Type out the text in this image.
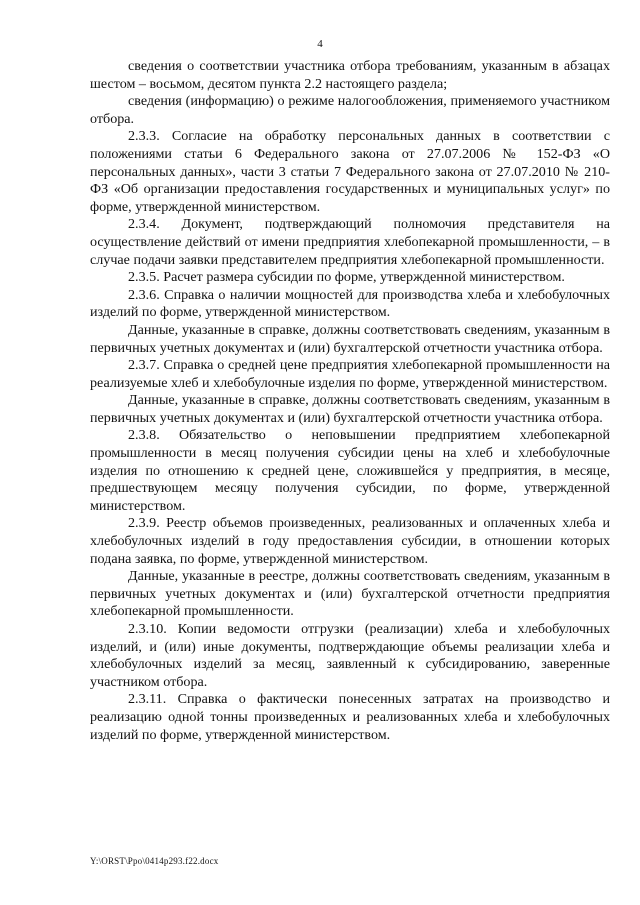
4

сведения о соответствии участника отбора требованиям, указанным в абзацах шестом – восьмом, десятом пункта 2.2 настоящего раздела;

сведения (информацию) о режиме налогообложения, применяемого участником отбора.

2.3.3. Согласие на обработку персональных данных в соответствии с положениями статьи 6 Федерального закона от 27.07.2006 № 152-ФЗ «О персональных данных», части 3 статьи 7 Федерального закона от 27.07.2010 № 210-ФЗ «Об организации предоставления государственных и муниципальных услуг» по форме, утвержденной министерством.

2.3.4. Документ, подтверждающий полномочия представителя на осуществление действий от имени предприятия хлебопекарной промышленности, – в случае подачи заявки представителем предприятия хлебопекарной промышленности.

2.3.5. Расчет размера субсидии по форме, утвержденной министерством.

2.3.6. Справка о наличии мощностей для производства хлеба и хлебобулочных изделий по форме, утвержденной министерством.

Данные, указанные в справке, должны соответствовать сведениям, указанным в первичных учетных документах и (или) бухгалтерской отчетности участника отбора.

2.3.7. Справка о средней цене предприятия хлебопекарной промышленности на реализуемые хлеб и хлебобулочные изделия по форме, утвержденной министерством.

Данные, указанные в справке, должны соответствовать сведениям, указанным в первичных учетных документах и (или) бухгалтерской отчетности участника отбора.

2.3.8. Обязательство о неповышении предприятием хлебопекарной промышленности в месяц получения субсидии цены на хлеб и хлебобулочные изделия по отношению к средней цене, сложившейся у предприятия, в месяце, предшествующем месяцу получения субсидии, по форме, утвержденной министерством.

2.3.9. Реестр объемов произведенных, реализованных и оплаченных хлеба и хлебобулочных изделий в году предоставления субсидии, в отношении которых подана заявка, по форме, утвержденной министерством.

Данные, указанные в реестре, должны соответствовать сведениям, указанным в первичных учетных документах и (или) бухгалтерской отчетности предприятия хлебопекарной промышленности.

2.3.10. Копии ведомости отгрузки (реализации) хлеба и хлебобулочных изделий, и (или) иные документы, подтверждающие объемы реализации хлеба и хлебобулочных изделий за месяц, заявленный к субсидированию, заверенные участником отбора.

2.3.11. Справка о фактически понесенных затратах на производство и реализацию одной тонны произведенных и реализованных хлеба и хлебобулочных изделий по форме, утвержденной министерством.

Y:\ORST\Ppo\0414p293.f22.docx
